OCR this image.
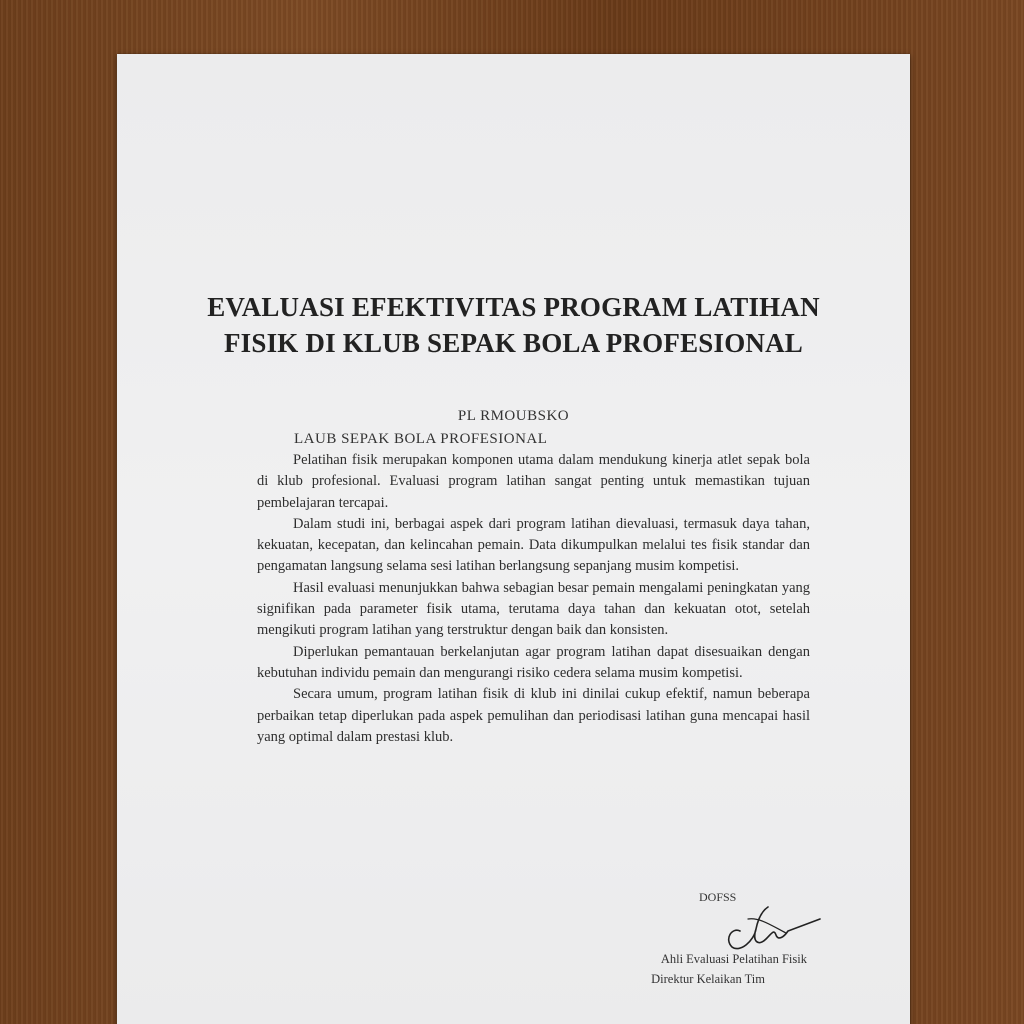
EVALUASI EFEKTIVITAS PROGRAM LATIHAN
FISIK DI KLUB SEPAK BOLA PROFESIONAL

PL RMOUBSKO

LAUB SEPAK BOLA PROFESIONAL

Pelatihan fisik merupakan komponen utama dalam mendukung kinerja atlet sepak bola di klub profesional. Evaluasi program latihan sangat penting untuk memastikan tujuan pembelajaran tercapai.

Dalam studi ini, berbagai aspek dari program latihan dievaluasi, termasuk daya tahan, kekuatan, kecepatan, dan kelincahan pemain. Data dikumpulkan melalui tes fisik standar dan pengamatan langsung selama sesi latihan berlangsung sepanjang musim kompetisi.

Hasil evaluasi menunjukkan bahwa sebagian besar pemain mengalami peningkatan yang signifikan pada parameter fisik utama, terutama daya tahan dan kekuatan otot, setelah mengikuti program latihan yang terstruktur dengan baik dan konsisten.

Diperlukan pemantauan berkelanjutan agar program latihan dapat disesuaikan dengan kebutuhan individu pemain dan mengurangi risiko cedera selama musim kompetisi.

Secara umum, program latihan fisik di klub ini dinilai cukup efektif, namun beberapa perbaikan tetap diperlukan pada aspek pemulihan dan periodisasi latihan guna mencapai hasil yang optimal dalam prestasi klub.

DOFSS

Ahli Evaluasi Pelatihan Fisik

Direktur Kelaikan Tim
